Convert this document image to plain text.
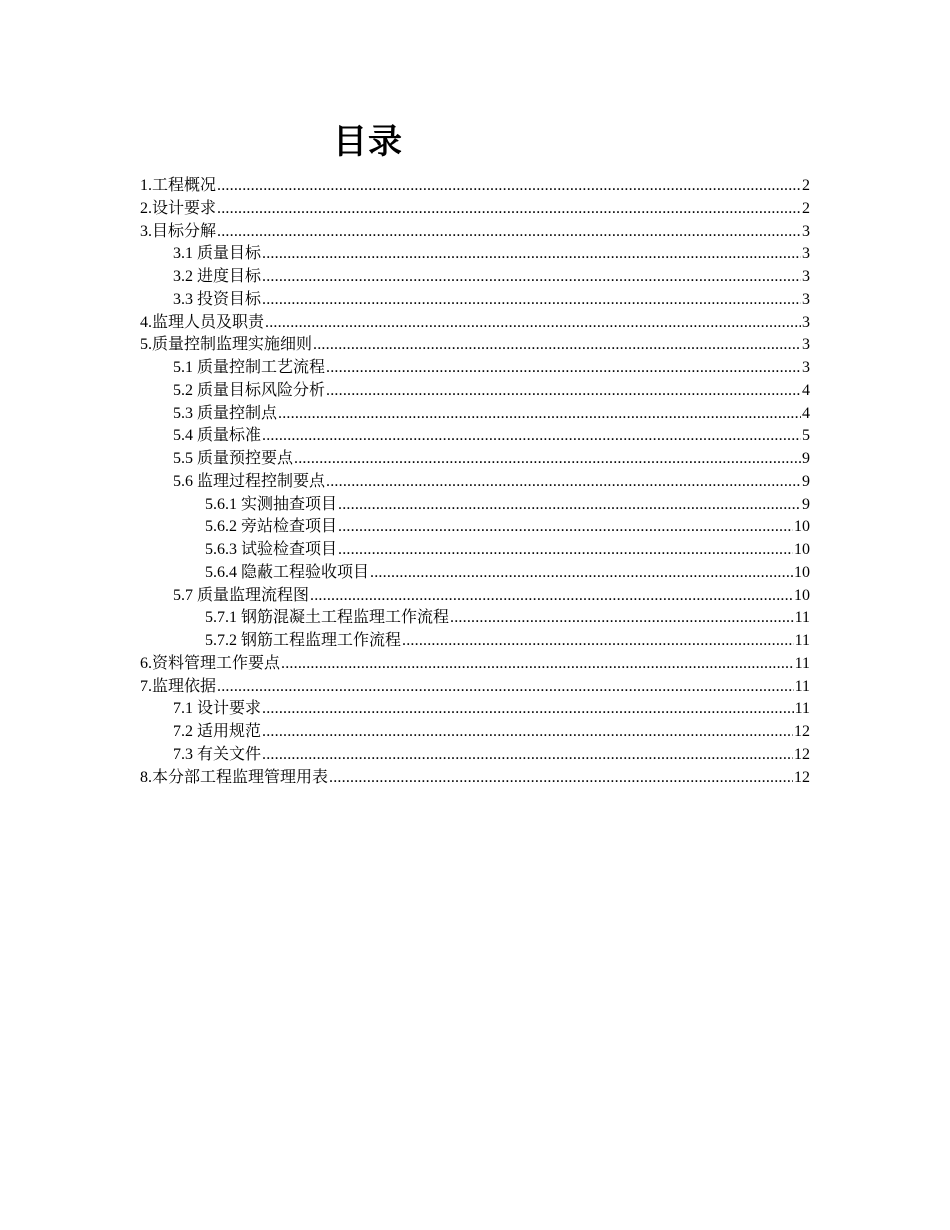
目录
1.工程概况 .....	2
2.设计要求 .....	2
3.目标分解 .....	3
3.1 质量目标 .....	3
3.2 进度目标 .....	3
3.3 投资目标 .....	3
4.监理人员及职责 .....	3
5.质量控制监理实施细则 .....	3
5.1 质量控制工艺流程 .....	3
5.2 质量目标风险分析 .....	4
5.3 质量控制点 .....	4
5.4 质量标准 .....	5
5.5 质量预控要点 .....	9
5.6 监理过程控制要点 .....	9
5.6.1 实测抽查项目 .....	9
5.6.2 旁站检查项目 .....	10
5.6.3 试验检查项目 .....	10
5.6.4 隐蔽工程验收项目 .....	10
5.7 质量监理流程图 .....	10
5.7.1 钢筋混凝土工程监理工作流程 .....	11
5.7.2 钢筋工程监理工作流程 .....	11
6.资料管理工作要点 .....	11
7.监理依据 .....	11
7.1 设计要求 .....	11
7.2 适用规范 .....	12
7.3 有关文件 .....	12
8.本分部工程监理管理用表 .....	12
